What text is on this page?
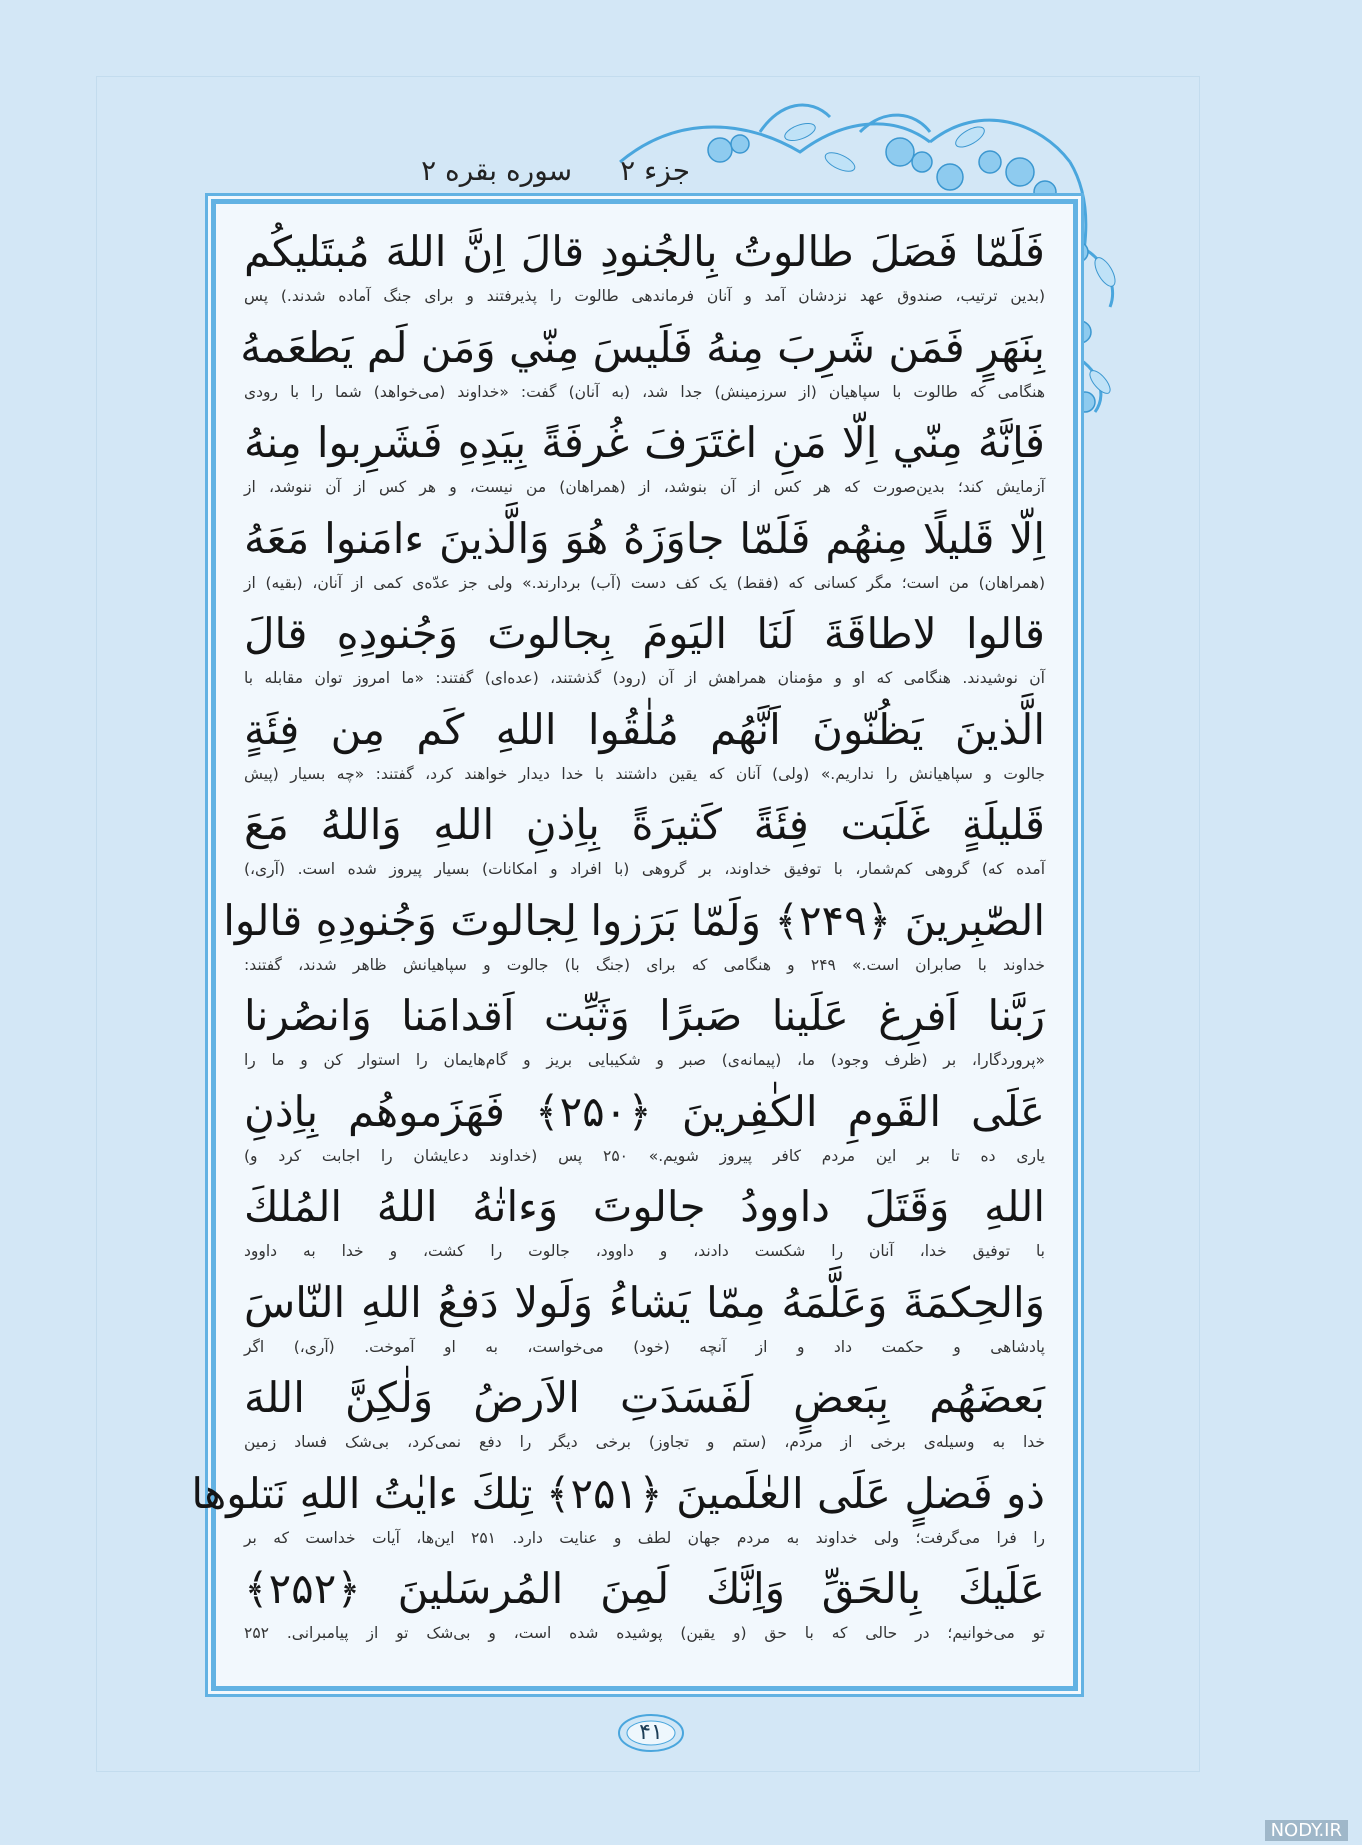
جزء ۲
سوره بقره ۲
فَلَمّا فَصَلَ طالوتُ بِالجُنودِ قالَ اِنَّ اللهَ مُبتَليكُم
(بدین ترتیب، صندوق عهد نزدشان آمد و آنان فرماندهی طالوت را پذیرفتند و برای جنگ آماده شدند.) پس
بِنَهَرٍ فَمَن شَرِبَ مِنهُ فَلَيسَ مِنّي وَمَن لَم يَطعَمهُ
هنگامی که طالوت با سپاهیان (از سرزمینش) جدا شد، (به آنان) گفت: «خداوند (می‌خواهد) شما را با رودی
فَاِنَّهُ مِنّي اِلّا مَنِ اغتَرَفَ غُرفَةً بِيَدِهِ فَشَرِبوا مِنهُ
آزمایش کند؛ بدین‌صورت که هر کس از آن بنوشد، از (همراهان) من نیست، و هر کس از آن ننوشد، از
اِلّا قَليلًا مِنهُم فَلَمّا جاوَزَهُ هُوَ وَالَّذينَ ءامَنوا مَعَهُ
(همراهان) من است؛ مگر کسانی که (فقط) یک کف دست (آب) بردارند.» ولی جز عدّه‌ی کمی از آنان، (بقیه) از
قالوا لاطاقَةَ لَنَا اليَومَ بِجالوتَ وَجُنودِهِ قالَ
آن نوشیدند. هنگامی که او و مؤمنان همراهش از آن (رود) گذشتند، (عده‌ای) گفتند: «ما امروز توان مقابله با
الَّذينَ يَظُنّونَ اَنَّهُم مُلٰقُوا اللهِ كَم مِن فِئَةٍ
جالوت و سپاهیانش را نداریم.» (ولی) آنان که یقین داشتند با خدا دیدار خواهند کرد، گفتند: «چه بسیار (پیش
قَليلَةٍ غَلَبَت فِئَةً كَثيرَةً بِاِذنِ اللهِ وَاللهُ مَعَ
آمده که) گروهی کم‌شمار، با توفیق خداوند، بر گروهی (با افراد و امکانات) بسیار پیروز شده است. (آری،)
الصّٰبِرينَ ﴿۲۴۹﴾ وَلَمّا بَرَزوا لِجالوتَ وَجُنودِهِ قالوا
خداوند با صابران است.» ۲۴۹ و هنگامی که برای (جنگ با) جالوت و سپاهیانش ظاهر شدند، گفتند:
رَبَّنا اَفرِغ عَلَينا صَبرًا وَثَبِّت اَقدامَنا وَانصُرنا
«پروردگارا، بر (ظرف وجود) ما، (پیمانه‌ی) صبر و شکیبایی بریز و گام‌هایمان را استوار کن و ما را
عَلَى القَومِ الكٰفِرينَ ﴿۲۵۰﴾ فَهَزَموهُم بِاِذنِ
یاری ده تا بر این مردم کافر پیروز شویم.» ۲۵۰ پس (خداوند دعایشان را اجابت کرد و)
اللهِ وَقَتَلَ داوودُ جالوتَ وَءاتٰهُ اللهُ المُلكَ
با توفیق خدا، آنان را شکست دادند، و داوود، جالوت را کشت، و خدا به داوود
وَالحِكمَةَ وَعَلَّمَهُ مِمّا يَشاءُ وَلَولا دَفعُ اللهِ النّاسَ
پادشاهی و حکمت داد و از آنچه (خود) می‌خواست، به او آموخت. (آری،) اگر
بَعضَهُم بِبَعضٍ لَفَسَدَتِ الاَرضُ وَلٰكِنَّ اللهَ
خدا به وسیله‌ی برخی از مردم، (ستم و تجاوز) برخی دیگر را دفع نمی‌کرد، بی‌شک فساد زمین
ذو فَضلٍ عَلَى العٰلَمينَ ﴿۲۵۱﴾ تِلكَ ءايٰتُ اللهِ نَتلوها
را فرا می‌گرفت؛ ولی خداوند به مردم جهان لطف و عنایت دارد. ۲۵۱ این‌ها، آیات خداست که بر
عَلَيكَ بِالحَقِّ وَاِنَّكَ لَمِنَ المُرسَلينَ ﴿۲۵۲﴾
تو می‌خوانیم؛ در حالی که با حق (و یقین) پوشیده شده است، و بی‌شک تو از پیامبرانی. ۲۵۲
۴۱
NODY.IR
